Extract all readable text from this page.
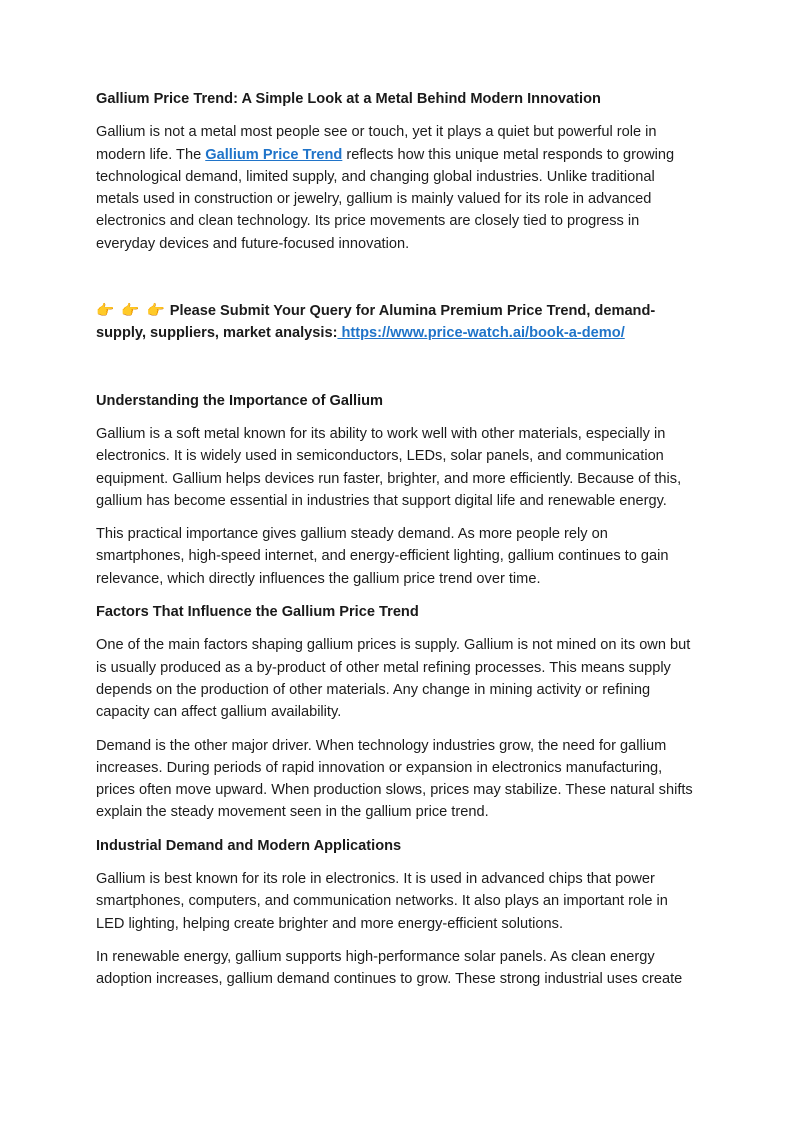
Gallium Price Trend: A Simple Look at a Metal Behind Modern Innovation

Gallium is not a metal most people see or touch, yet it plays a quiet but powerful role in modern life. The Gallium Price Trend reflects how this unique metal responds to growing technological demand, limited supply, and changing global industries. Unlike traditional metals used in construction or jewelry, gallium is mainly valued for its role in advanced electronics and clean technology. Its price movements are closely tied to progress in everyday devices and future-focused innovation.

👉 👉 👉 Please Submit Your Query for Alumina Premium Price Trend, demand-supply, suppliers, market analysis: https://www.price-watch.ai/book-a-demo/

Understanding the Importance of Gallium

Gallium is a soft metal known for its ability to work well with other materials, especially in electronics. It is widely used in semiconductors, LEDs, solar panels, and communication equipment. Gallium helps devices run faster, brighter, and more efficiently. Because of this, gallium has become essential in industries that support digital life and renewable energy.

This practical importance gives gallium steady demand. As more people rely on smartphones, high-speed internet, and energy-efficient lighting, gallium continues to gain relevance, which directly influences the gallium price trend over time.

Factors That Influence the Gallium Price Trend

One of the main factors shaping gallium prices is supply. Gallium is not mined on its own but is usually produced as a by-product of other metal refining processes. This means supply depends on the production of other materials. Any change in mining activity or refining capacity can affect gallium availability.

Demand is the other major driver. When technology industries grow, the need for gallium increases. During periods of rapid innovation or expansion in electronics manufacturing, prices often move upward. When production slows, prices may stabilize. These natural shifts explain the steady movement seen in the gallium price trend.

Industrial Demand and Modern Applications

Gallium is best known for its role in electronics. It is used in advanced chips that power smartphones, computers, and communication networks. It also plays an important role in LED lighting, helping create brighter and more energy-efficient solutions.

In renewable energy, gallium supports high-performance solar panels. As clean energy adoption increases, gallium demand continues to grow. These strong industrial uses create
